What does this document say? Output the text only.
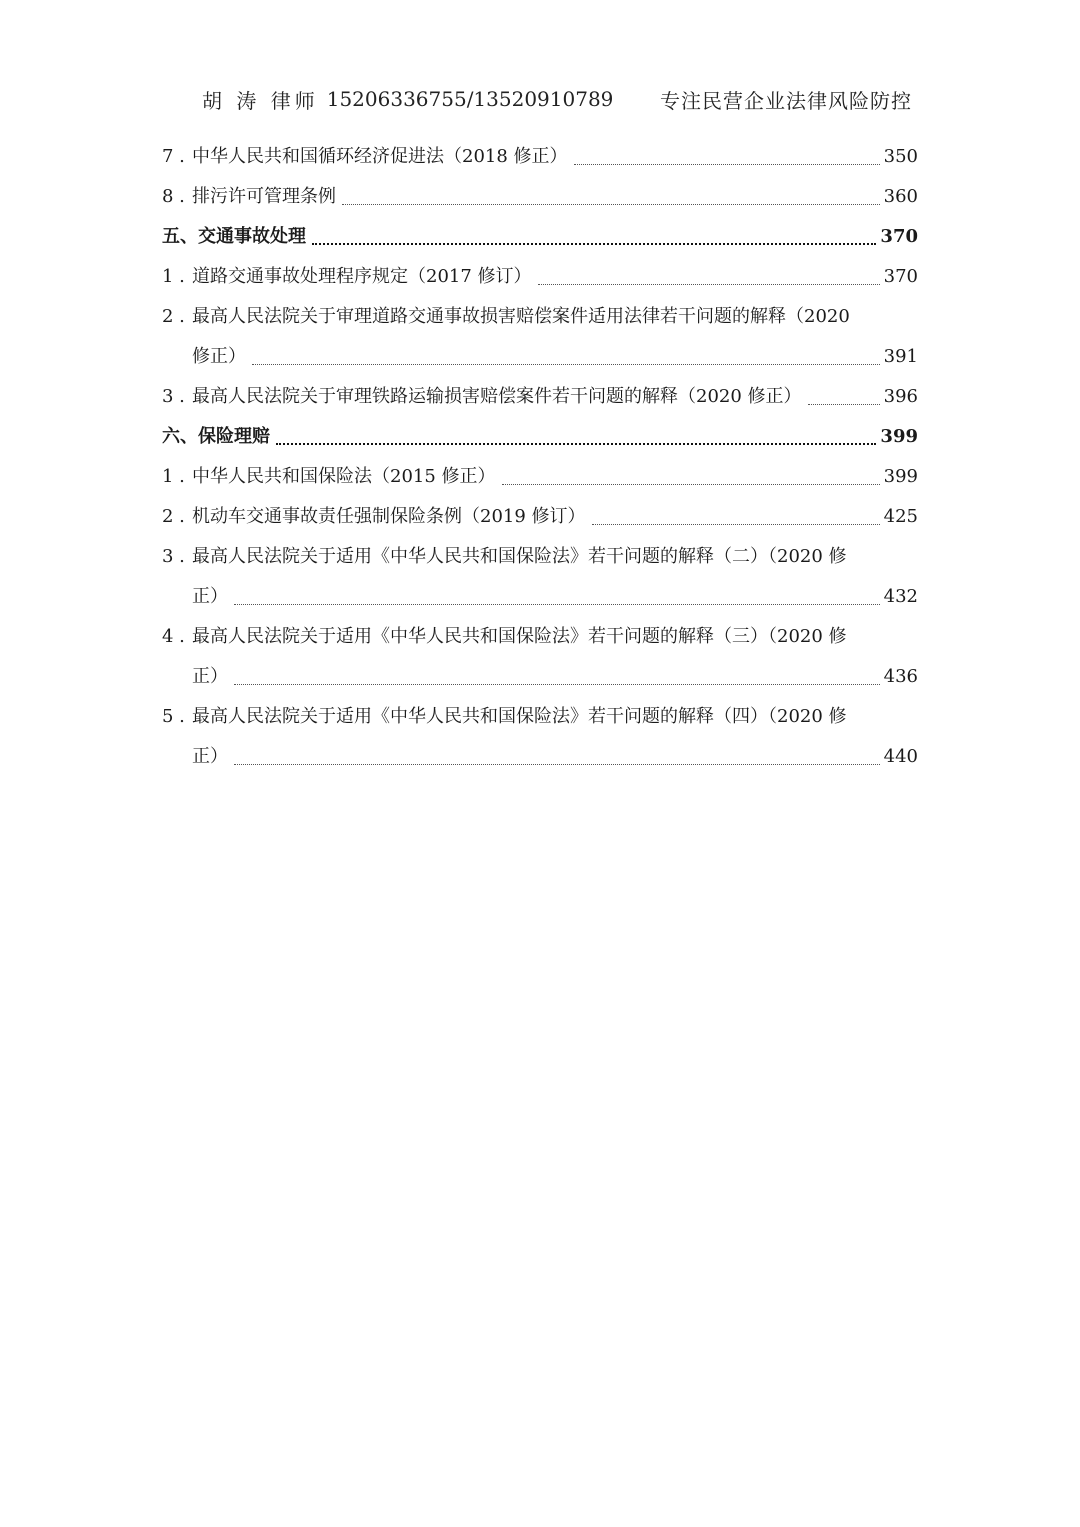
胡 涛 律师 15206336755/13520910789 专注民营企业法律风险防控
7 . 中华人民共和国循环经济促进法（2018 修正）	350
8 . 排污许可管理条例	360
五、交通事故处理	370
1 . 道路交通事故处理程序规定（2017 修订）	370
2 . 最高人民法院关于审理道路交通事故损害赔偿案件适用法律若干问题的解释（2020
修正）	391
3 . 最高人民法院关于审理铁路运输损害赔偿案件若干问题的解释（2020 修正）	396
六、保险理赔	399
1 . 中华人民共和国保险法（2015 修正）	399
2 . 机动车交通事故责任强制保险条例（2019 修订）	425
3 . 最高人民法院关于适用《中华人民共和国保险法》若干问题的解释（二）（2020 修
正）	432
4 . 最高人民法院关于适用《中华人民共和国保险法》若干问题的解释（三）（2020 修
正）	436
5 . 最高人民法院关于适用《中华人民共和国保险法》若干问题的解释（四）（2020 修
正）	440
